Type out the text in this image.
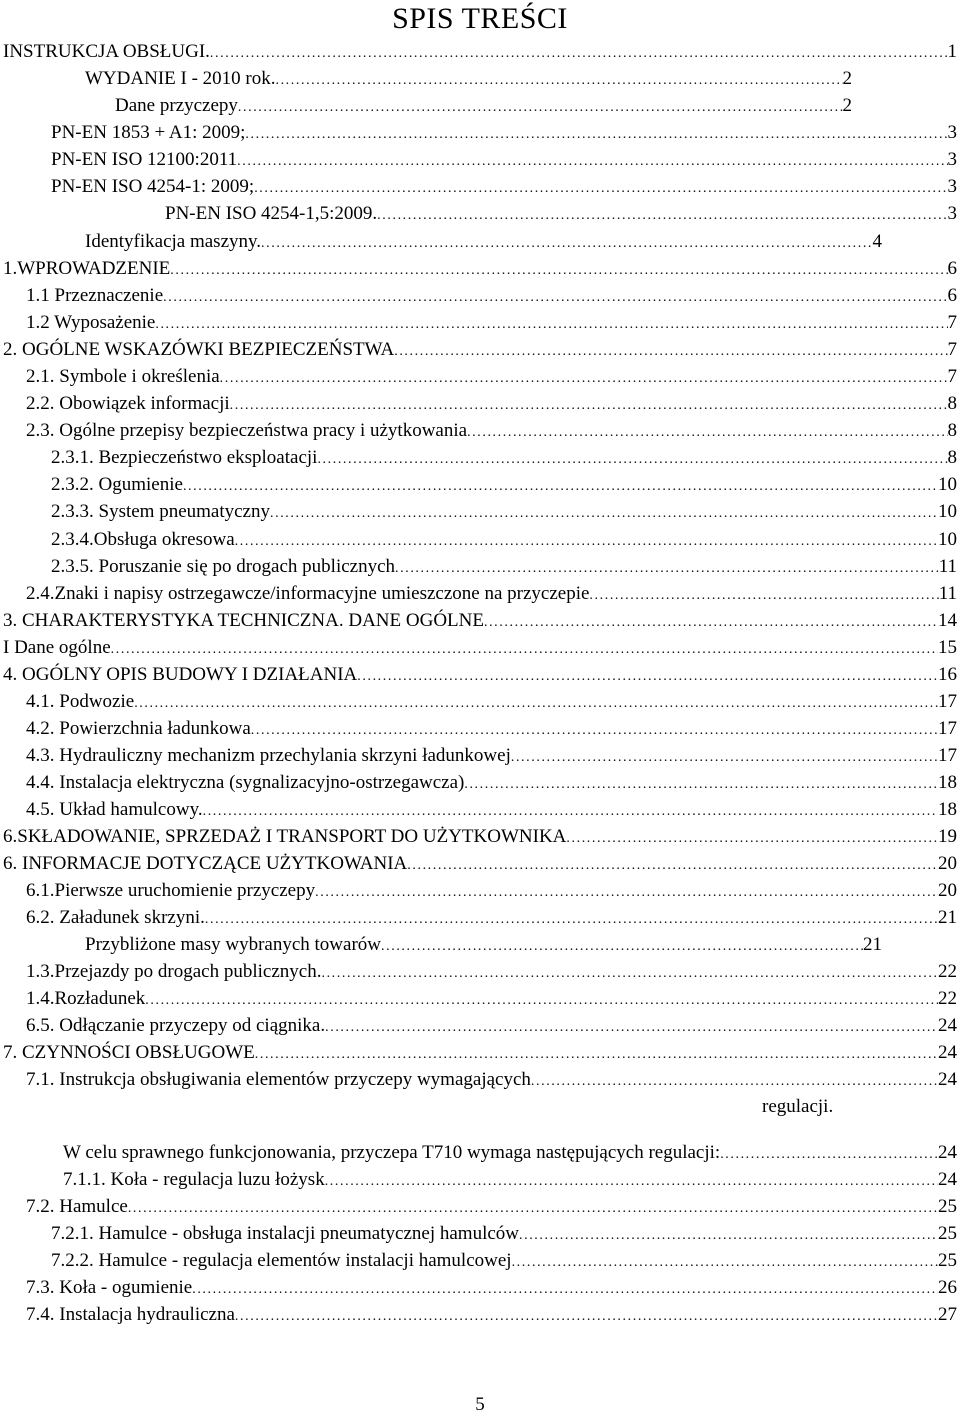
SPIS TREŚCI
INSTRUKCJA OBSŁUGI. .....	1
WYDANIE I - 2010 rok. .....	2
Dane przyczepy .....	2
PN-EN 1853 + A1: 2009; .....	3
PN-EN ISO 12100:2011 .....	3
PN-EN ISO 4254-1: 2009; .....	3
PN-EN ISO 4254-1,5:2009. .....	3
Identyfikacja maszyny. .....	4
1.WPROWADZENIE .....	6
1.1 Przeznaczenie .....	6
1.2 Wyposażenie .....	7
2. OGÓLNE WSKAZÓWKI BEZPIECZEŃSTWA .....	7
2.1. Symbole i określenia .....	7
2.2. Obowiązek informacji .....	8
2.3. Ogólne przepisy bezpieczeństwa pracy i użytkowania .....	8
2.3.1. Bezpieczeństwo eksploatacji .....	8
2.3.2. Ogumienie .....	10
2.3.3. System pneumatyczny .....	10
2.3.4.Obsługa okresowa .....	10
2.3.5. Poruszanie się po drogach publicznych .....	11
2.4.Znaki i napisy ostrzegawcze/informacyjne umieszczone na przyczepie .....	11
3. CHARAKTERYSTYKA TECHNICZNA. DANE OGÓLNE .....	14
I Dane ogólne .....	15
4. OGÓLNY OPIS BUDOWY I DZIAŁANIA .....	16
4.1. Podwozie .....	17
4.2. Powierzchnia ładunkowa .....	17
4.3. Hydrauliczny mechanizm przechylania skrzyni ładunkowej .....	17
4.4. Instalacja elektryczna (sygnalizacyjno-ostrzegawcza) .....	18
4.5. Układ hamulcowy. .....	18
6.SKŁADOWANIE, SPRZEDAŻ I TRANSPORT DO UŻYTKOWNIKA .....	19
6. INFORMACJE DOTYCZĄCE UŻYTKOWANIA .....	20
6.1.Pierwsze uruchomienie przyczepy .....	20
6.2. Załadunek skrzyni. .....	21
Przybliżone masy wybranych towarów .....	21
1.3.Przejazdy po drogach publicznych. .....	22
1.4.Rozładunek .....	22
6.5. Odłączanie przyczepy od ciągnika. .....	24
7. CZYNNOŚCI OBSŁUGOWE .....	24
7.1. Instrukcja obsługiwania elementów przyczepy wymagających .....	24
regulacji.
W celu sprawnego funkcjonowania, przyczepa T710 wymaga następujących regulacji: .....	24
7.1.1. Koła - regulacja luzu łożysk .....	24
7.2. Hamulce .....	25
7.2.1. Hamulce - obsługa instalacji pneumatycznej hamulców .....	25
7.2.2. Hamulce - regulacja elementów instalacji hamulcowej .....	25
7.3. Koła - ogumienie .....	26
7.4. Instalacja hydrauliczna .....	27
5
